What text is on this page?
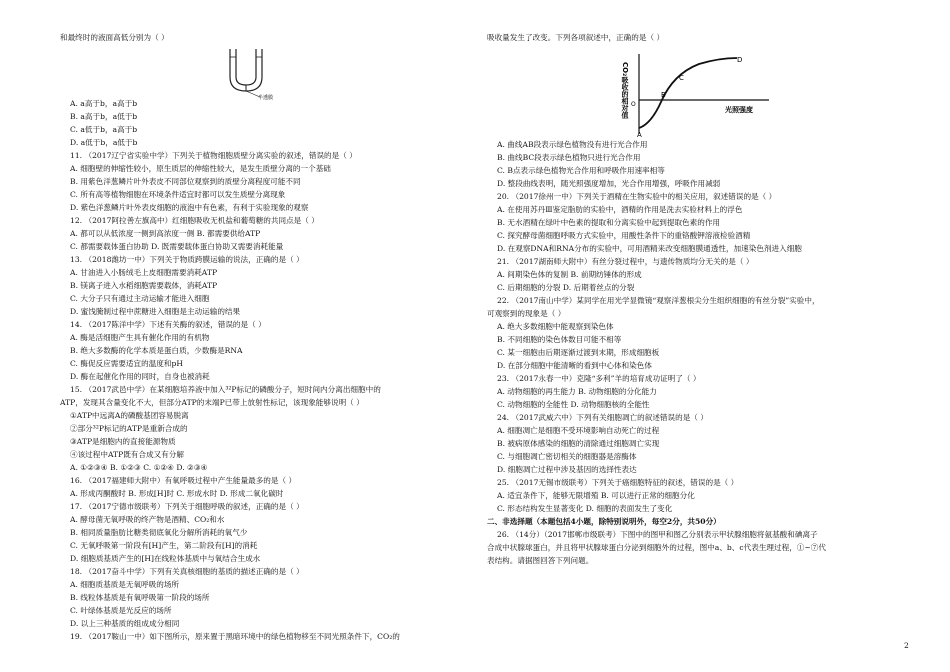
和最终时的液面高低分别为（ ）
A. a高于b，a高于b
B. a高于b，a低于b
C. a低于b，a高于b
D. a低于b，a低于b
11. （2017辽宁省实验中学）下列关于植物细胞质壁分离实验的叙述，错误的是（ ）
A. 细胞壁的伸缩性较小，原生质层的伸缩性较大，是发生质壁分离的一个基础
B. 用紫色洋葱鳞片叶外表皮不同部位观察到的质壁分离程度可能不同
C. 所有高等植物细胞在环境条件适宜时都可以发生质壁分离现象
D. 紫色洋葱鳞片叶外表皮细胞的液泡中有色素，有利于实验现象的观察
12. （2017阿拉善左旗高中）红细胞吸收无机盐和葡萄糖的共同点是（ ）
A. 都可以从低浓度一侧到高浓度一侧 B. 都需要供给ATP
C. 都需要载体蛋白协助 D. 既需要载体蛋白协助又需要消耗能量
13. （2018潍坊一中）下列关于物质跨膜运输的说法，正确的是（ ）
A. 甘油进入小肠绒毛上皮细胞需要消耗ATP
B. 镁离子进入水稻细胞需要载体，消耗ATP
C. 大分子只有通过主动运输才能进入细胞
D. 蜜饯腌制过程中蔗糖进入细胞是主动运输的结果
14. （2017陈洋中学）下述有关酶的叙述，错误的是（ ）
A. 酶是活细胞产生具有催化作用的有机物
B. 绝大多数酶的化学本质是蛋白质，少数酶是RNA
C. 酶促反应需要适宜的温度和pH
D. 酶在起催化作用的同时，自身也被消耗
15. （2017武邑中学）在某细胞培养液中加入³²P标记的磷酸分子，短时间内分离出细胞中的
ATP，发现其含量变化不大，但部分ATP的末端P已带上放射性标记，该现象能够说明（ ）
①ATP中远离A的磷酸基团容易脱离
②部分³²P标记的ATP是重新合成的
③ATP是细胞内的直接能源物质
④该过程中ATP既有合成又有分解
A. ①②③④ B. ①②③ C. ①②④ D. ②③④
16. （2017福建师大附中）有氧呼吸过程中产生能量最多的是（ ）
A. 形成丙酮酸时 B. 形成[H]时 C. 形成水时 D. 形成二氧化碳时
17. （2017宁德市级联考）下列关于细胞呼吸的叙述，正确的是（ ）
A. 酵母菌无氧呼吸的终产物是酒精、CO₂和水
B. 相同质量脂肪比糖类彻底氧化分解所消耗的氧气少
C. 无氧呼吸第一阶段有[H]产生，第二阶段有[H]的消耗
D. 细胞质基质产生的[H]在线粒体基质中与氧结合生成水
18. （2017奋斗中学）下列有关真核细胞的基质的描述正确的是（ ）
A. 细胞质基质是无氧呼吸的场所
B. 线粒体基质是有氧呼吸第一阶段的场所
C. 叶绿体基质是光反应的场所
D. 以上三种基质的组成成分相同
19. （2017鞍山一中）如下图所示，原来置于黑暗环境中的绿色植物移至不同光照条件下，CO₂的
吸收量发生了改变。下列各项叙述中，正确的是（ ）
A. 曲线AB段表示绿色植物没有进行光合作用
B. 曲线BC段表示绿色植物只进行光合作用
C. B点表示绿色植物光合作用和呼吸作用速率相等
D. 整段曲线表明，随光照强度增加，光合作用增强，呼吸作用减弱
20. （2017徐州一中）下列关于酒精在生物实验中的相关应用，叙述错误的是（ ）
A. 在使用苏丹Ⅲ鉴定脂肪的实验中，酒精的作用是洗去实验材料上的浮色
B. 无水酒精在绿叶中色素的提取和分离实验中起到提取色素的作用
C. 探究酵母菌细胞呼吸方式实验中，用酸性条件下的重铬酸钾溶液检验酒精
D. 在观察DNA和RNA分布的实验中，可用酒精来改变细胞膜通透性，加速染色剂进入细胞
21. （2017湖南师大附中）有丝分裂过程中，与遗传物质均分无关的是（ ）
A. 间期染色体的复制 B. 前期纺锤体的形成
C. 后期细胞的分裂 D. 后期着丝点的分裂
22. （2017南山中学）某同学在用光学显微镜“观察洋葱根尖分生组织细胞的有丝分裂”实验中，
可观察到的现象是（ ）
A. 绝大多数细胞中能观察到染色体
B. 不同细胞的染色体数目可能不相等
C. 某一细胞由后期逐渐过渡到末期，形成细胞板
D. 在部分细胞中能清晰的看到中心体和染色体
23. （2017永春一中）克隆“多利”羊的培育成功证明了（ ）
A. 动物细胞的再生能力 B. 动物细胞的分化能力
C. 动物细胞的全能性 D. 动物细胞核的全能性
24. （2017武威六中）下列有关细胞凋亡的叙述错误的是（ ）
A. 细胞凋亡是细胞不受环境影响自动死亡的过程
B. 被病原体感染的细胞的清除通过细胞凋亡实现
C. 与细胞凋亡密切相关的细胞器是溶酶体
D. 细胞凋亡过程中涉及基因的选择性表达
25. （2017无锡市级联考）下列关于癌细胞特征的叙述，错误的是（ ）
A. 适宜条件下，能够无限增殖 B. 可以进行正常的细胞分化
C. 形态结构发生显著变化 D. 细胞的表面发生了变化
二、非选择题（本题包括4小题，除特别说明外，每空2分，共50分）
26. （14分）（2017邯郸市级联考）下图中的图甲和图乙分别表示甲状腺细胞将氨基酸和碘离子
合成中状腺球蛋白，并且将甲状腺球蛋白分泌到细胞外的过程，图中a、b、c代表生理过程，①~⑦代
表结构。请据图回答下列问题。
半透膜	CO₂吸收的相对值	光照强度
O
A
B
C
D
2
